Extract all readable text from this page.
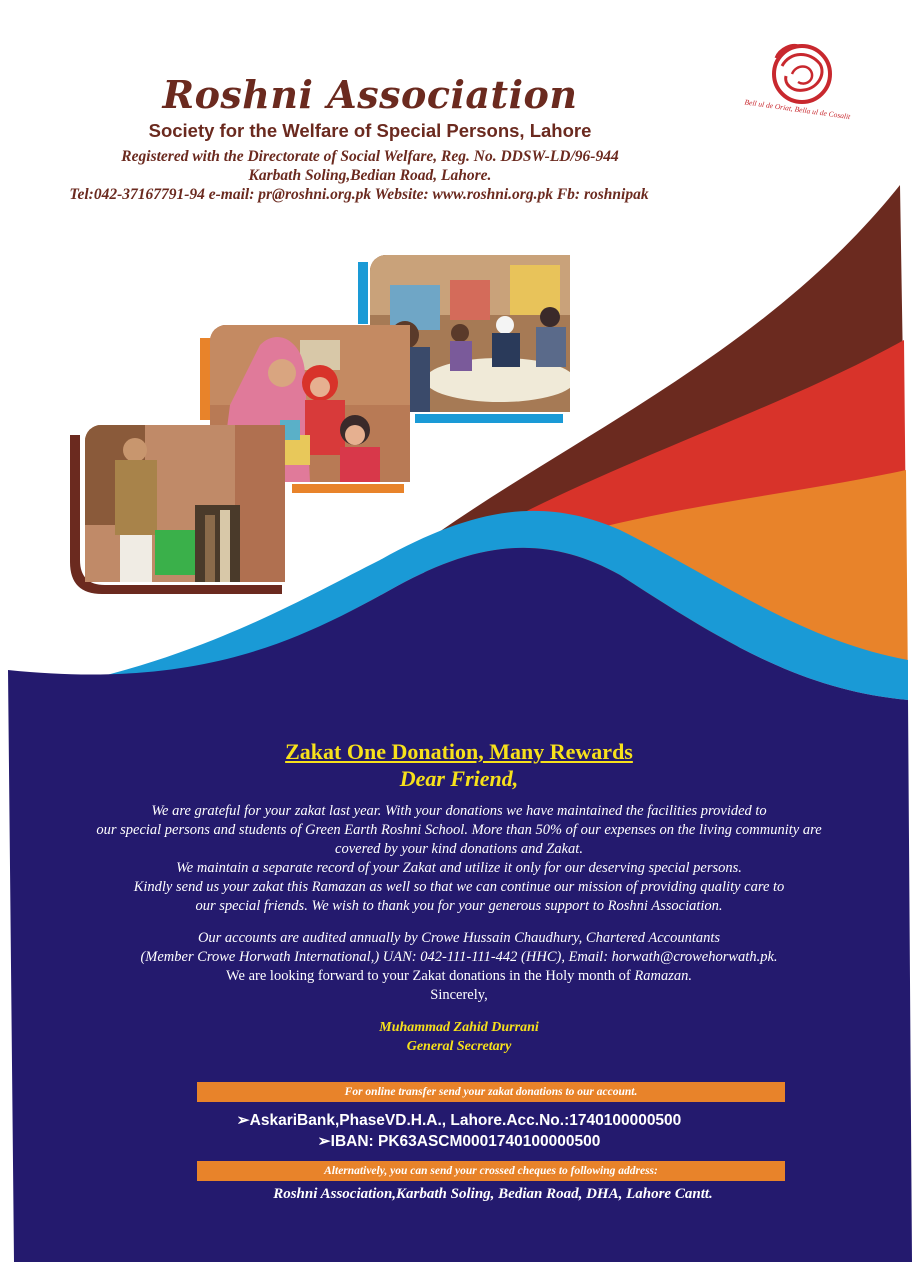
Roshni Association
Society for the Welfare of Special Persons, Lahore
Registered with the Directorate of Social Welfare, Reg. No. DDSW-LD/96-944
Karbath Soling,Bedian Road, Lahore.
Tel:042-37167791-94 e-mail: pr@roshni.org.pk Website: www.roshni.org.pk Fb: roshnipak
Bell ul de Oriat, Bella ul de Cosalit
Zakat One Donation, Many Rewards
Dear Friend,

We are grateful for your zakat last year. With your donations we have maintained the facilities provided to

our special persons and students of Green Earth Roshni School. More than 50% of our expenses on the living community are

covered by your kind donations and Zakat.

We maintain a separate record of your Zakat and utilize it only for our deserving special persons.

Kindly send us your zakat this Ramazan as well so that we can continue our mission of providing quality care to

our special friends. We wish to thank you for your generous support to Roshni Association.

Our accounts are audited annually by Crowe Hussain Chaudhury, Chartered Accountants

(Member Crowe Horwath International,) UAN: 042-111-111-442 (HHC), Email: horwath@crowehorwath.pk.

We are looking forward to your Zakat donations in the Holy month of Ramazan.

Sincerely,

Muhammad Zahid Durrani

General Secretary

For online transfer send your zakat donations to our account.

➢AskariBank,PhaseVD.H.A., Lahore.Acc.No.:1740100000500

➢IBAN: PK63ASCM0001740100000500

Alternatively, you can send your crossed cheques to following address:
Roshni Association,Karbath Soling, Bedian Road, DHA, Lahore Cantt.
